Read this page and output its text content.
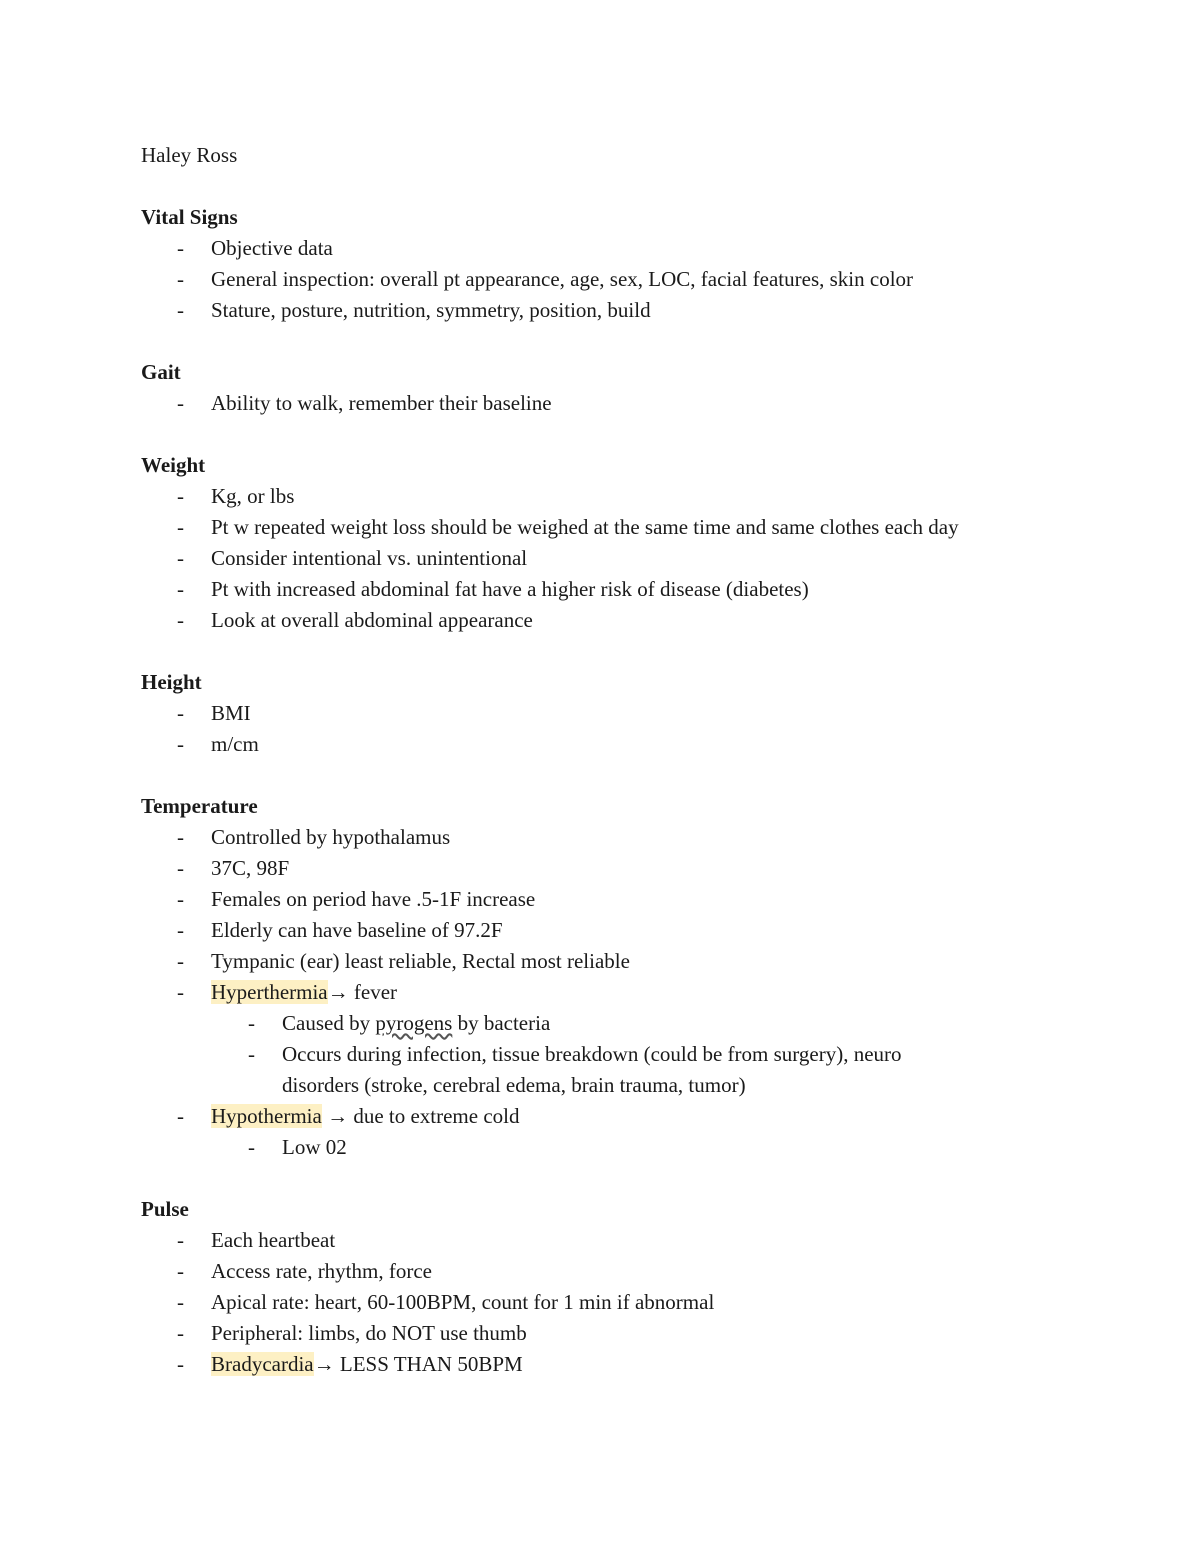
Haley Ross
Vital Signs
- Objective data
- General inspection: overall pt appearance, age, sex, LOC, facial features, skin color
- Stature, posture, nutrition, symmetry, position, build
Gait
- Ability to walk, remember their baseline
Weight
- Kg, or lbs
- Pt w repeated weight loss should be weighed at the same time and same clothes each day
- Consider intentional vs. unintentional
- Pt with increased abdominal fat have a higher risk of disease (diabetes)
- Look at overall abdominal appearance
Height
- BMI
- m/cm
Temperature
- Controlled by hypothalamus
- 37C, 98F
- Females on period have .5-1F increase
- Elderly can have baseline of 97.2F
- Tympanic (ear) least reliable, Rectal most reliable
- Hyperthermia→ fever
- Caused by pyrogens by bacteria
- Occurs during infection, tissue breakdown (could be from surgery), neuro disorders (stroke, cerebral edema, brain trauma, tumor)
- Hypothermia → due to extreme cold
- Low 02
Pulse
- Each heartbeat
- Access rate, rhythm, force
- Apical rate: heart, 60-100BPM, count for 1 min if abnormal
- Peripheral: limbs, do NOT use thumb
- Bradycardia→ LESS THAN 50BPM
